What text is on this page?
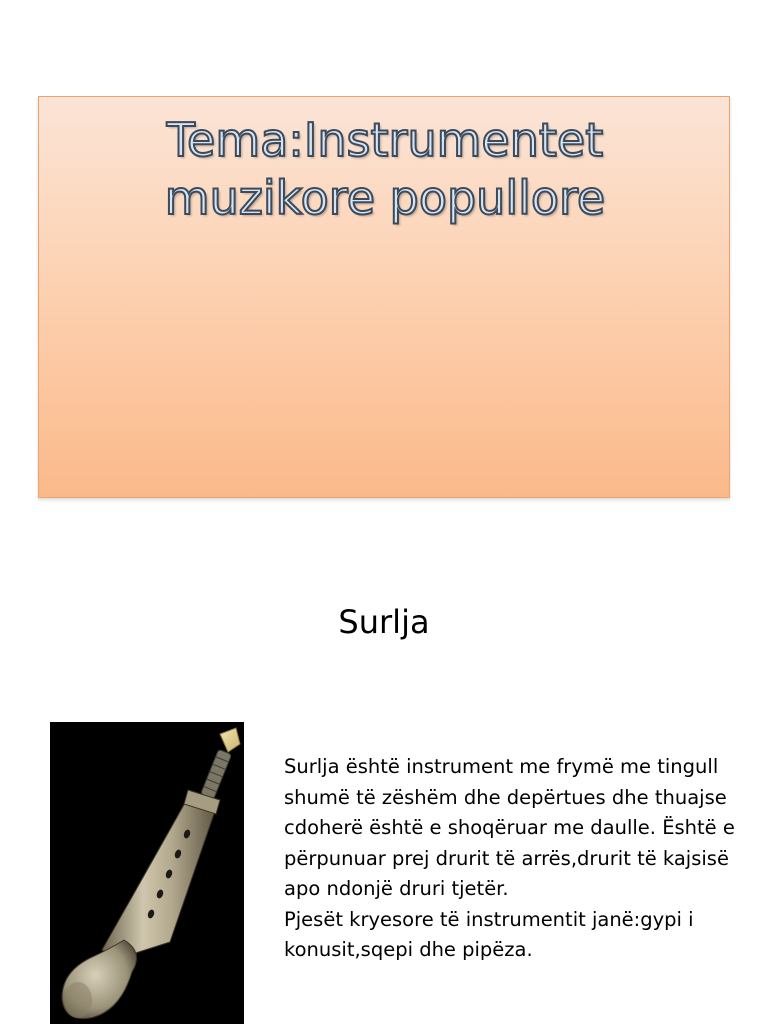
Tema:Instrumentet
muzikore popullore
Surlja

Surlja është instrument me frymë me tingull shumë të zëshëm dhe depërtues dhe thuajse cdoherë është e shoqëruar me daulle. Është e përpunuar prej drurit të arrës,drurit të kajsisë apo ndonjë druri tjetër.

Pjesët kryesore të instrumentit janë:gypi i konusit,sqepi dhe pipëza.
